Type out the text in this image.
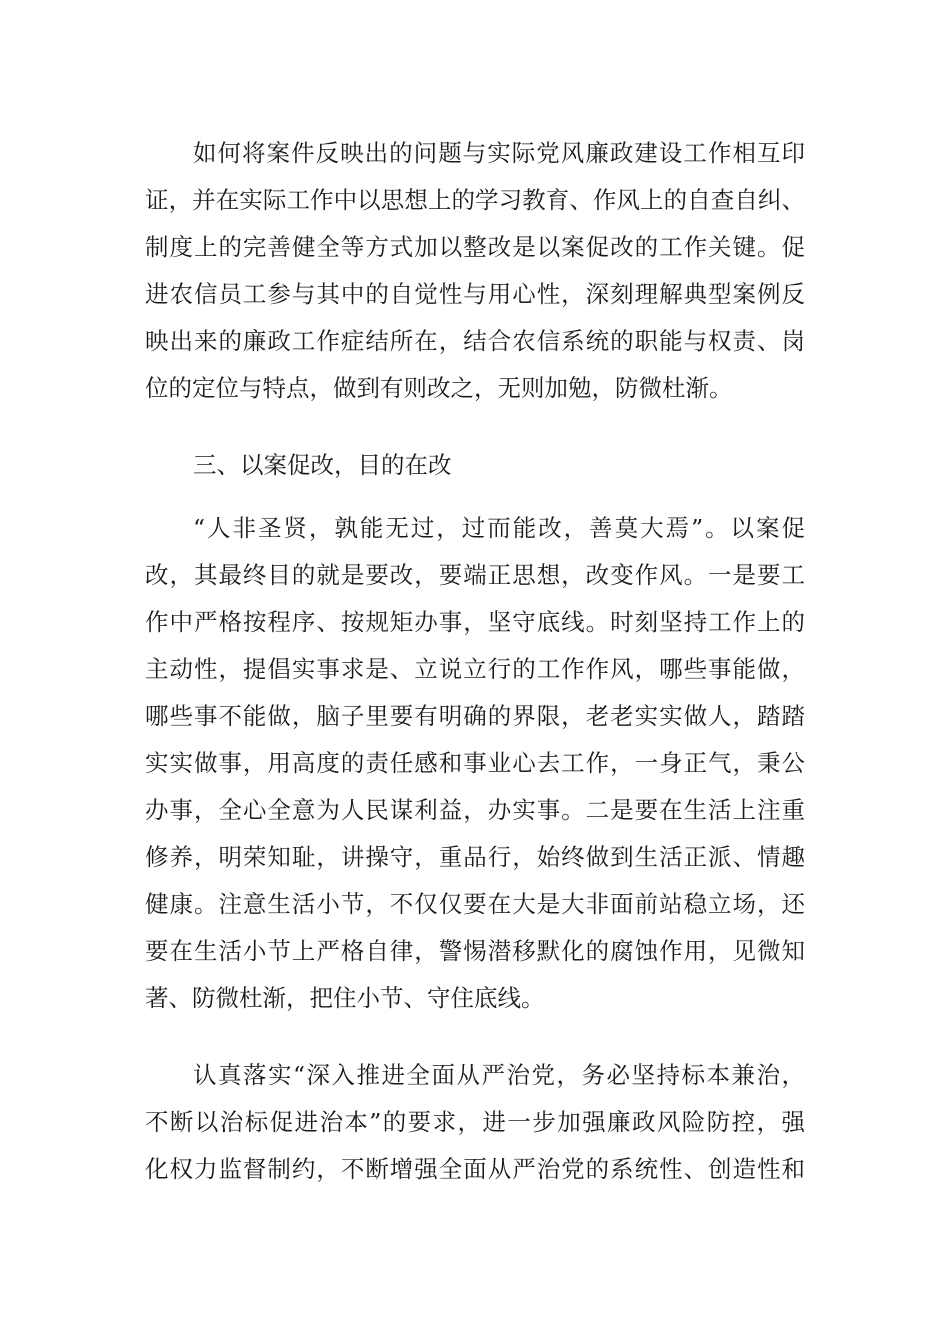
如何将案件反映出的问题与实际党风廉政建设工作相互印
证，并在实际工作中以思想上的学习教育、作风上的自查自纠、
制度上的完善健全等方式加以整改是以案促改的工作关键。促
进农信员工参与其中的自觉性与用心性，深刻理解典型案例反
映出来的廉政工作症结所在，结合农信系统的职能与权责、岗
位的定位与特点，做到有则改之，无则加勉，防微杜渐。
三、以案促改，目的在改
“人非圣贤，孰能无过，过而能改，善莫大焉”。以案促
改，其最终目的就是要改，要端正思想，改变作风。一是要工
作中严格按程序、按规矩办事，坚守底线。时刻坚持工作上的
主动性，提倡实事求是、立说立行的工作作风，哪些事能做，
哪些事不能做，脑子里要有明确的界限，老老实实做人，踏踏
实实做事，用高度的责任感和事业心去工作，一身正气，秉公
办事，全心全意为人民谋利益，办实事。二是要在生活上注重
修养，明荣知耻，讲操守，重品行，始终做到生活正派、情趣
健康。注意生活小节，不仅仅要在大是大非面前站稳立场，还
要在生活小节上严格自律，警惕潜移默化的腐蚀作用，见微知
著、防微杜渐，把住小节、守住底线。
认真落实“深入推进全面从严治党，务必坚持标本兼治，
不断以治标促进治本”的要求，进一步加强廉政风险防控，强
化权力监督制约，不断增强全面从严治党的系统性、创造性和
